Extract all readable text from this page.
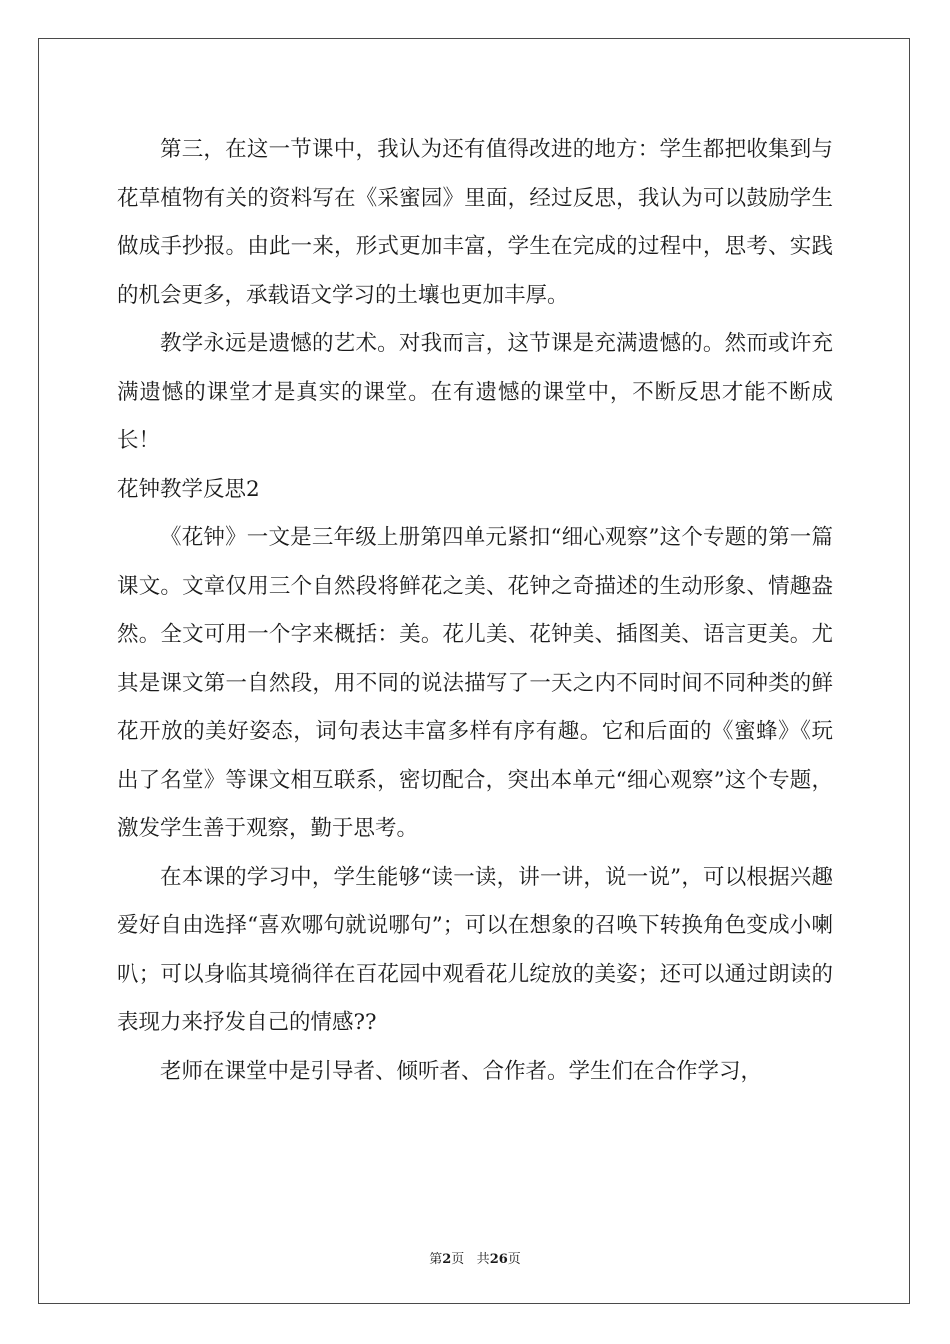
第三，在这一节课中，我认为还有值得改进的地方：学生都把收集到与花草植物有关的资料写在《采蜜园》里面，经过反思，我认为可以鼓励学生做成手抄报。由此一来，形式更加丰富，学生在完成的过程中，思考、实践的机会更多，承载语文学习的土壤也更加丰厚。

教学永远是遗憾的艺术。对我而言，这节课是充满遗憾的。然而或许充满遗憾的课堂才是真实的课堂。在有遗憾的课堂中，不断反思才能不断成长！

花钟教学反思2

《花钟》一文是三年级上册第四单元紧扣“细心观察”这个专题的第一篇课文。文章仅用三个自然段将鲜花之美、花钟之奇描述的生动形象、情趣盎然。全文可用一个字来概括：美。花儿美、花钟美、插图美、语言更美。尤其是课文第一自然段，用不同的说法描写了一天之内不同时间不同种类的鲜花开放的美好姿态，词句表达丰富多样有序有趣。它和后面的《蜜蜂》《玩出了名堂》等课文相互联系，密切配合，突出本单元“细心观察”这个专题，激发学生善于观察，勤于思考。

在本课的学习中，学生能够“读一读，讲一讲，说一说”，可以根据兴趣爱好自由选择“喜欢哪句就说哪句”；可以在想象的召唤下转换角色变成小喇叭；可以身临其境徜徉在百花园中观看花儿绽放的美姿；还可以通过朗读的表现力来抒发自己的情感??

老师在课堂中是引导者、倾听者、合作者。学生们在合作学习，

第2页 共26页
